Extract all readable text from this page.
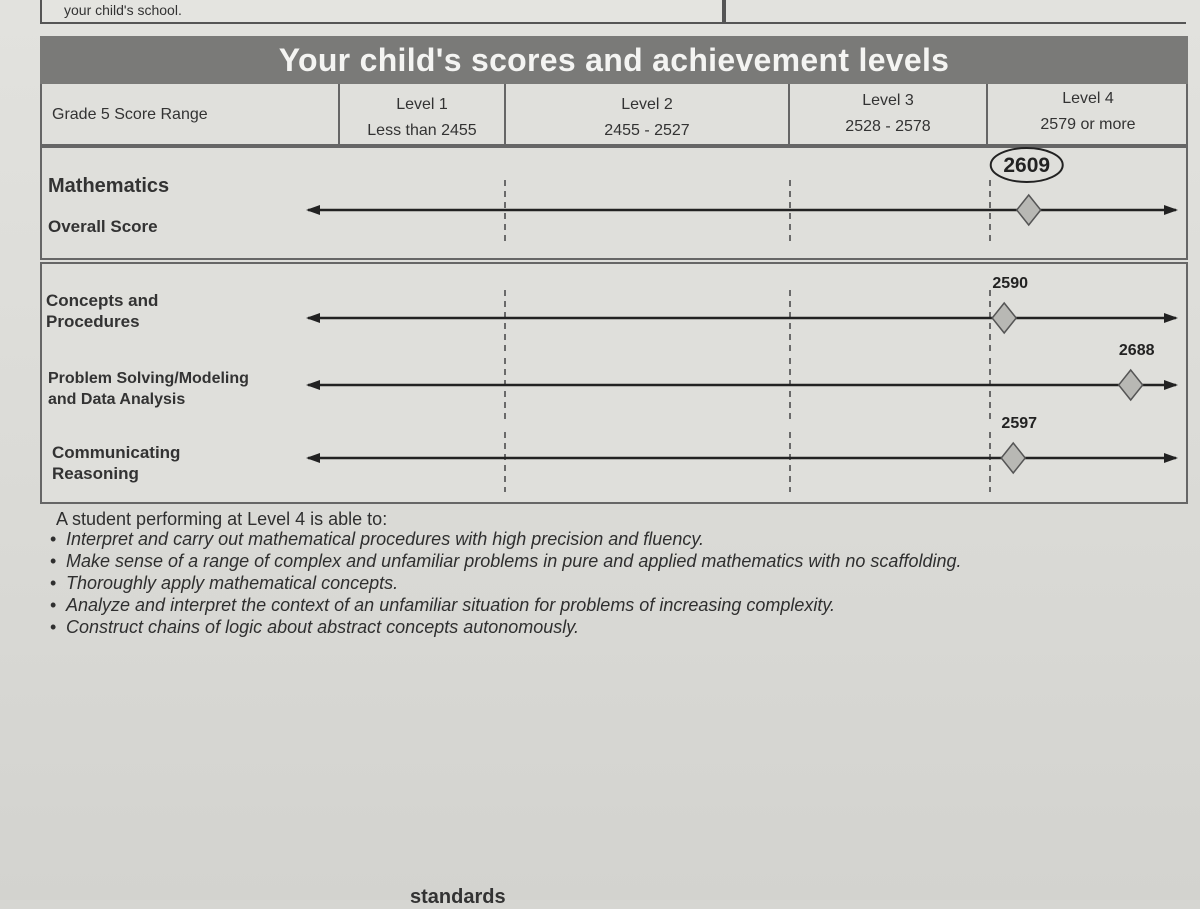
your child's school.
Your child's scores and achievement levels
Grade 5 Score Range
Level 1
Less than 2455
Level 2
2455 - 2527
Level 3
2528 - 2578
Level 4
2579 or more
Mathematics
Overall Score
Concepts and
Procedures
Problem Solving/Modeling
and Data Analysis
Communicating
Reasoning
2609
2590
2688
2597
A student performing at Level 4 is able to:
• Interpret and carry out mathematical procedures with high precision and fluency.
• Make sense of a range of complex and unfamiliar problems in pure and applied mathematics with no scaffolding.
• Thoroughly apply mathematical concepts.
• Analyze and interpret the context of an unfamiliar situation for problems of increasing complexity.
• Construct chains of logic about abstract concepts autonomously.
standards
